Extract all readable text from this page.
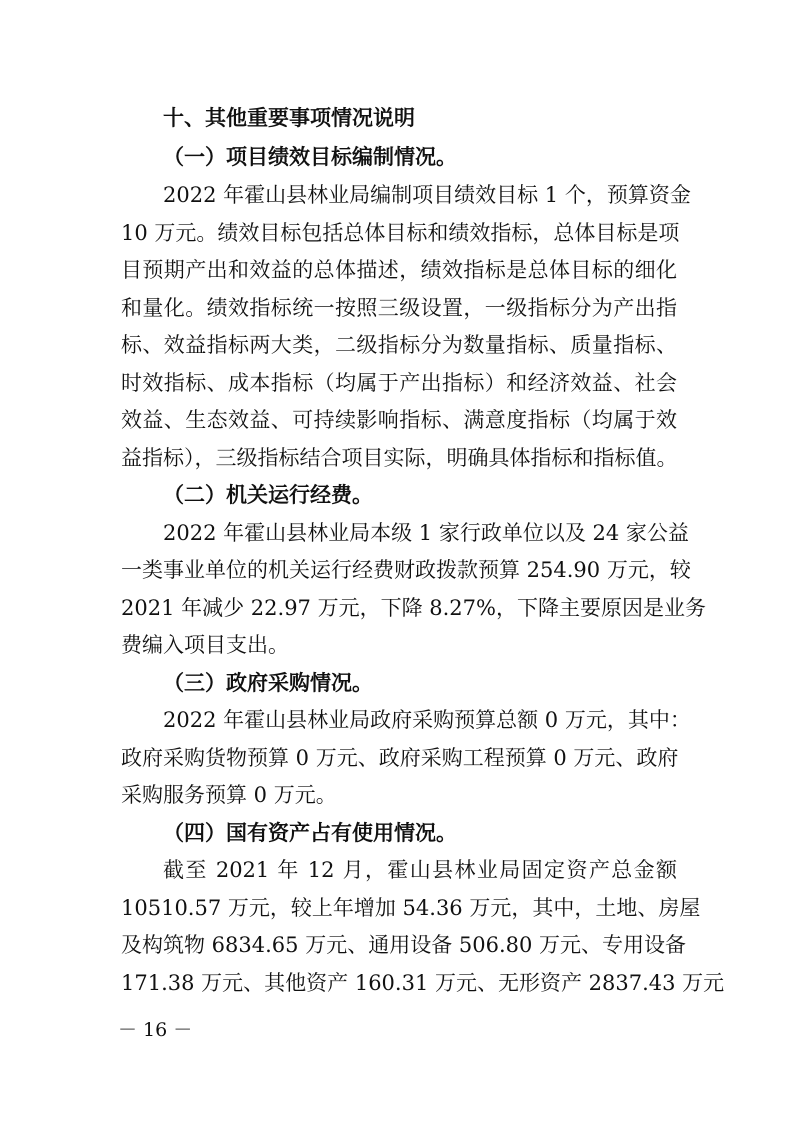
十、其他重要事项情况说明
（一）项目绩效目标编制情况。
2022 年霍山县林业局编制项目绩效目标 1 个，预算资金
10 万元。绩效目标包括总体目标和绩效指标，总体目标是项
目预期产出和效益的总体描述，绩效指标是总体目标的细化
和量化。绩效指标统一按照三级设置，一级指标分为产出指
标、效益指标两大类，二级指标分为数量指标、质量指标、
时效指标、成本指标（均属于产出指标）和经济效益、社会
效益、生态效益、可持续影响指标、满意度指标（均属于效
益指标），三级指标结合项目实际，明确具体指标和指标值。
（二）机关运行经费。
2022 年霍山县林业局本级 1 家行政单位以及 24 家公益
一类事业单位的机关运行经费财政拨款预算 254.90 万元，较
2021 年减少 22.97 万元，下降 8.27%，下降主要原因是业务
费编入项目支出。
（三）政府采购情况。
2022 年霍山县林业局政府采购预算总额 0 万元，其中：
政府采购货物预算 0 万元、政府采购工程预算 0 万元、政府
采购服务预算 0 万元。
（四）国有资产占有使用情况。
截至 2021 年 12 月，霍山县林业局固定资产总金额
10510.57 万元，较上年增加 54.36 万元，其中，土地、房屋
及构筑物 6834.65 万元、通用设备 506.80 万元、专用设备
171.38 万元、其他资产 160.31 万元、无形资产 2837.43 万元
－ 16 －
